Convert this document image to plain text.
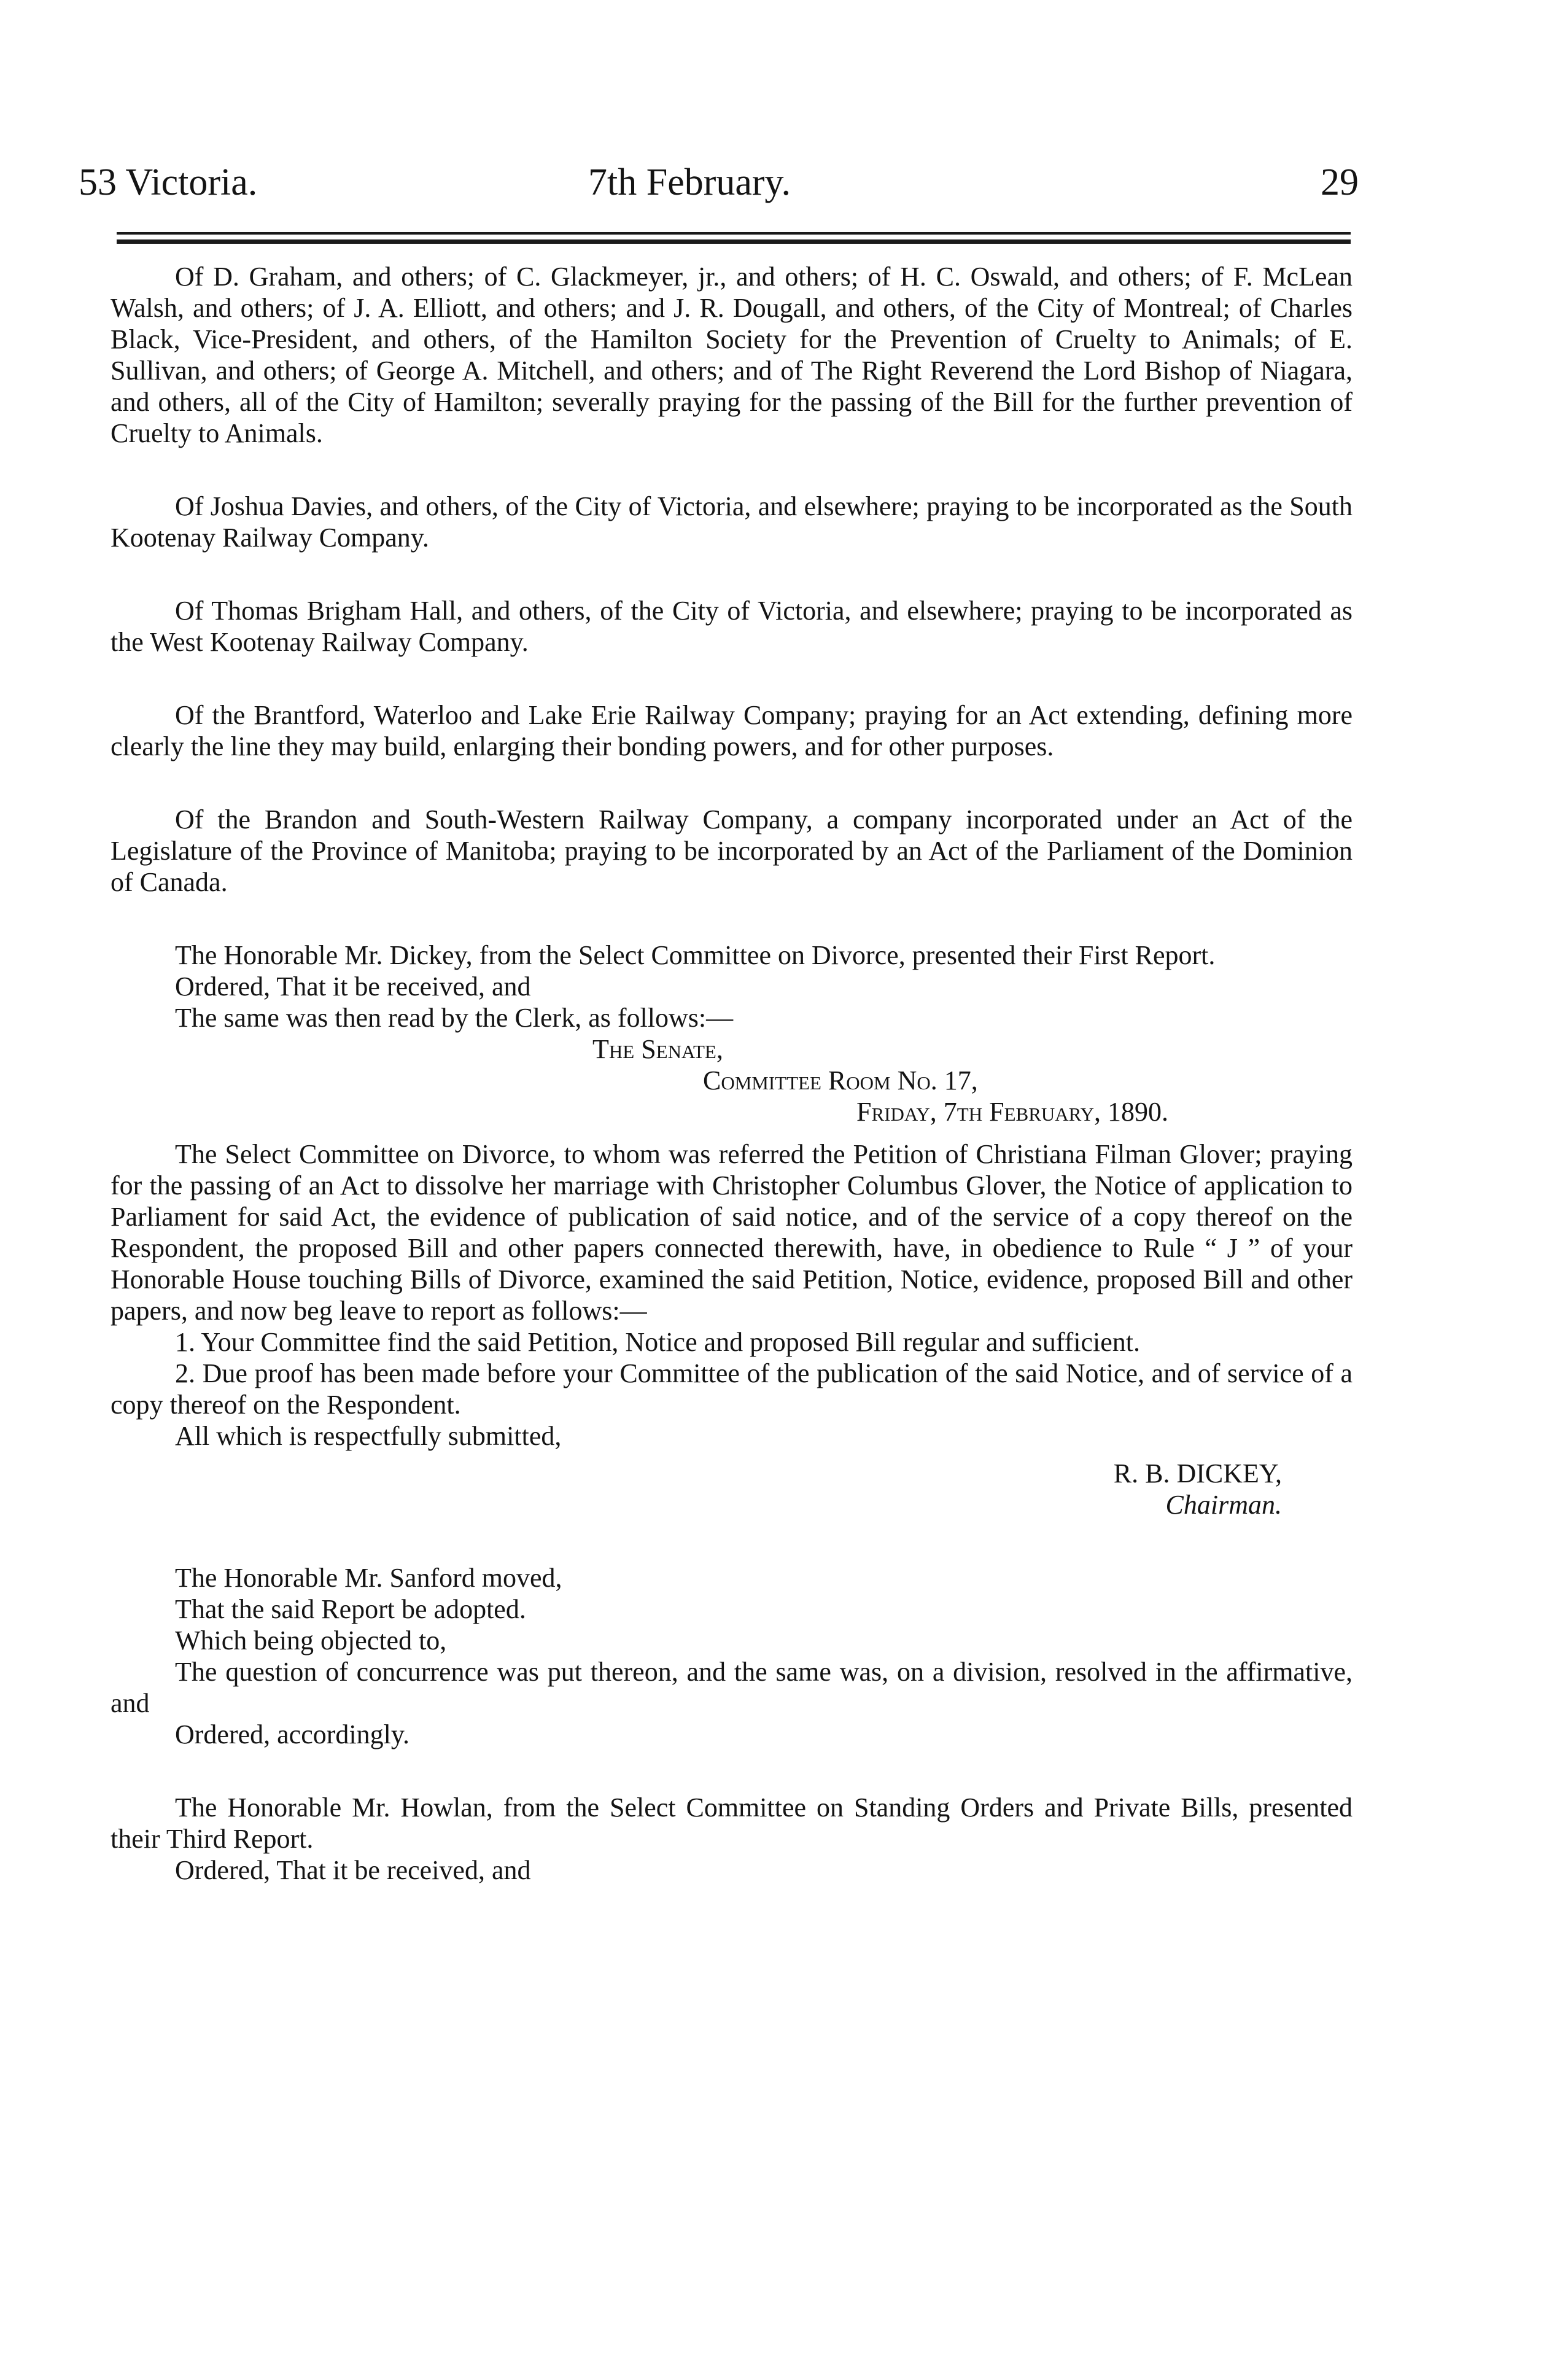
53 Victoria.	7th February.	29

Of D. Graham, and others; of C. Glackmeyer, jr., and others; of H. C. Oswald, and others; of F. McLean Walsh, and others; of J. A. Elliott, and others; and J. R. Dougall, and others, of the City of Montreal; of Charles Black, Vice-President, and others, of the Hamilton Society for the Prevention of Cruelty to Animals; of E. Sullivan, and others; of George A. Mitchell, and others; and of The Right Reverend the Lord Bishop of Niagara, and others, all of the City of Hamilton; severally praying for the passing of the Bill for the further prevention of Cruelty to Animals.

Of Joshua Davies, and others, of the City of Victoria, and elsewhere; praying to be incorporated as the South Kootenay Railway Company.

Of Thomas Brigham Hall, and others, of the City of Victoria, and elsewhere; praying to be incorporated as the West Kootenay Railway Company.

Of the Brantford, Waterloo and Lake Erie Railway Company; praying for an Act extending, defining more clearly the line they may build, enlarging their bonding powers, and for other purposes.

Of the Brandon and South-Western Railway Company, a company incorporated under an Act of the Legislature of the Province of Manitoba; praying to be incorporated by an Act of the Parliament of the Dominion of Canada.

The Honorable Mr. Dickey, from the Select Committee on Divorce, presented their First Report.

Ordered, That it be received, and

The same was then read by the Clerk, as follows:—

The Senate,
Committee Room No. 17,
Friday, 7th February, 1890.

The Select Committee on Divorce, to whom was referred the Petition of Christiana Filman Glover; praying for the passing of an Act to dissolve her marriage with Christopher Columbus Glover, the Notice of application to Parliament for said Act, the evidence of publication of said notice, and of the service of a copy thereof on the Respondent, the proposed Bill and other papers connected therewith, have, in obedience to Rule “ J ” of your Honorable House touching Bills of Divorce, examined the said Petition, Notice, evidence, proposed Bill and other papers, and now beg leave to report as follows:—

1. Your Committee find the said Petition, Notice and proposed Bill regular and sufficient.

2. Due proof has been made before your Committee of the publication of the said Notice, and of service of a copy thereof on the Respondent.

All which is respectfully submitted,

R. B. DICKEY,

Chairman.

The Honorable Mr. Sanford moved,

That the said Report be adopted.

Which being objected to,

The question of concurrence was put thereon, and the same was, on a division, resolved in the affirmative, and

Ordered, accordingly.

The Honorable Mr. Howlan, from the Select Committee on Standing Orders and Private Bills, presented their Third Report.

Ordered, That it be received, and
